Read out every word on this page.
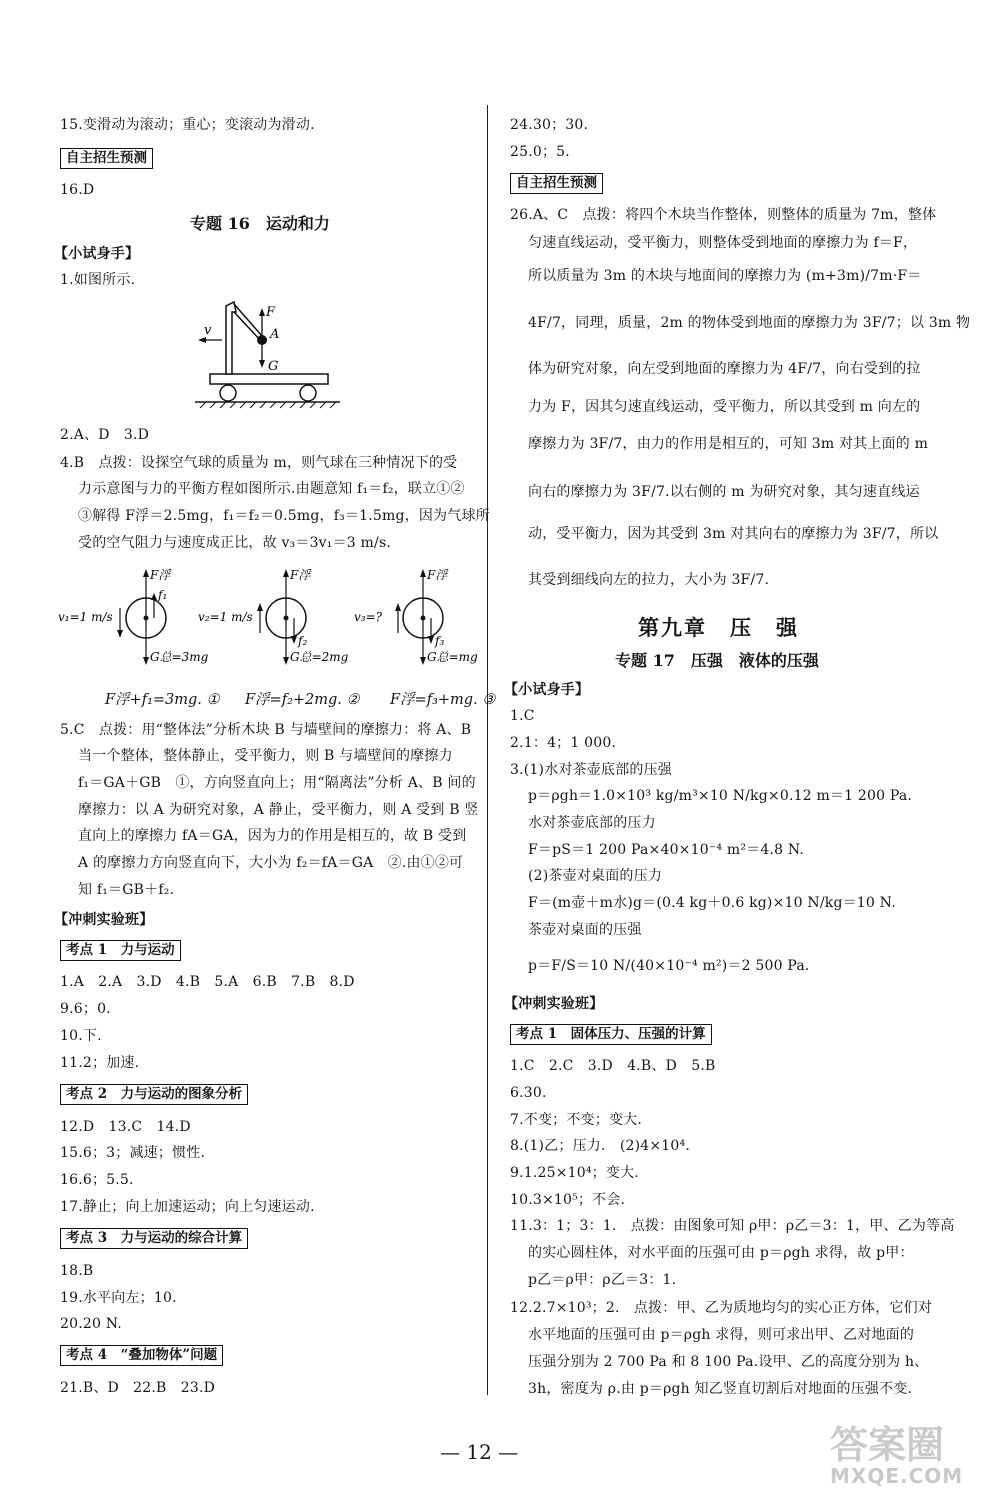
15.变滑动为滚动；重心；变滚动为滑动.
自主招生预测
16.D
专题 16　运动和力
【小试身手】
1.如图所示.
v
F
A
G
2.A、D　3.D
4.B　点拨：设探空气球的质量为 m，则气球在三种情况下的受
力示意图与力的平衡方程如图所示.由题意知 f₁＝f₂，联立①②
③解得 F浮＝2.5mg，f₁＝f₂＝0.5mg，f₃＝1.5mg，因为气球所
受的空气阻力与速度成正比，故 v₃＝3v₁＝3 m/s.
F浮
f₁
v₁=1 m/s
G总=3mg
F浮
f₂
v₂=1 m/s
G总=2mg
F浮
f₃
v₃=?
G总=mg
F浮+f₁=3mg. ① F浮=f₂+2mg. ② F浮=f₃+mg. ③
5.C　点拨：用“整体法”分析木块 B 与墙壁间的摩擦力：将 A、B
当一个整体，整体静止，受平衡力，则 B 与墙壁间的摩擦力
f₁＝GA＋GB　①，方向竖直向上；用“隔离法”分析 A、B 间的
摩擦力：以 A 为研究对象，A 静止，受平衡力，则 A 受到 B 竖
直向上的摩擦力 fA＝GA，因为力的作用是相互的，故 B 受到
A 的摩擦力方向竖直向下，大小为 f₂＝fA＝GA　②.由①②可
知 f₁＝GB＋f₂.
【冲刺实验班】
考点 1　力与运动
1.A　2.A　3.D　4.B　5.A　6.B　7.B　8.D
9.6；0.
10.下.
11.2；加速.
考点 2　力与运动的图象分析
12.D　13.C　14.D
15.6；3；减速；惯性.
16.6；5.5.
17.静止；向上加速运动；向上匀速运动.
考点 3　力与运动的综合计算
18.B
19.水平向左；10.
20.20 N.
考点 4　“叠加物体”问题
21.B、D　22.B　23.D
24.30；30.
25.0；5.
自主招生预测
26.A、C　点拨：将四个木块当作整体，则整体的质量为 7m，整体
匀速直线运动，受平衡力，则整体受到地面的摩擦力为 f＝F，
所以质量为 3m 的木块与地面间的摩擦力为 (m+3m)/7m·F＝
4F/7，同理，质量，2m 的物体受到地面的摩擦力为 3F/7；以 3m 物
体为研究对象，向左受到地面的摩擦力为 4F/7，向右受到的拉
力为 F，因其匀速直线运动，受平衡力，所以其受到 m 向左的
摩擦力为 3F/7，由力的作用是相互的，可知 3m 对其上面的 m
向右的摩擦力为 3F/7.以右侧的 m 为研究对象，其匀速直线运
动，受平衡力，因为其受到 3m 对其向右的摩擦力为 3F/7，所以
其受到细线向左的拉力，大小为 3F/7.
第九章　压　强
专题 17　压强　液体的压强
【小试身手】
1.C
2.1：4；1 000.
3.(1)水对茶壶底部的压强
p＝ρgh＝1.0×10³ kg/m³×10 N/kg×0.12 m＝1 200 Pa.
水对茶壶底部的压力
F＝pS＝1 200 Pa×40×10⁻⁴ m²＝4.8 N.
(2)茶壶对桌面的压力
F＝(m壶＋m水)g＝(0.4 kg＋0.6 kg)×10 N/kg＝10 N.
茶壶对桌面的压强
p＝F/S＝10 N/(40×10⁻⁴ m²)＝2 500 Pa.
【冲刺实验班】
考点 1　固体压力、压强的计算
1.C　2.C　3.D　4.B、D　5.B
6.30.
7.不变；不变；变大.
8.(1)乙；压力.　(2)4×10⁴.
9.1.25×10⁴；变大.
10.3×10⁵；不会.
11.3：1；3：1.　点拨：由图象可知 ρ甲：ρ乙＝3：1，甲、乙为等高
的实心圆柱体，对水平面的压强可由 p＝ρgh 求得，故 p甲：
p乙＝ρ甲：ρ乙＝3：1.
12.2.7×10³；2.　点拨：甲、乙为质地均匀的实心正方体，它们对
水平地面的压强可由 p＝ρgh 求得，则可求出甲、乙对地面的
压强分别为 2 700 Pa 和 8 100 Pa.设甲、乙的高度分别为 h、
3h，密度为 ρ.由 p＝ρgh 知乙竖直切割后对地面的压强不变.
— 12 —	答案圈
MXQE.COM
